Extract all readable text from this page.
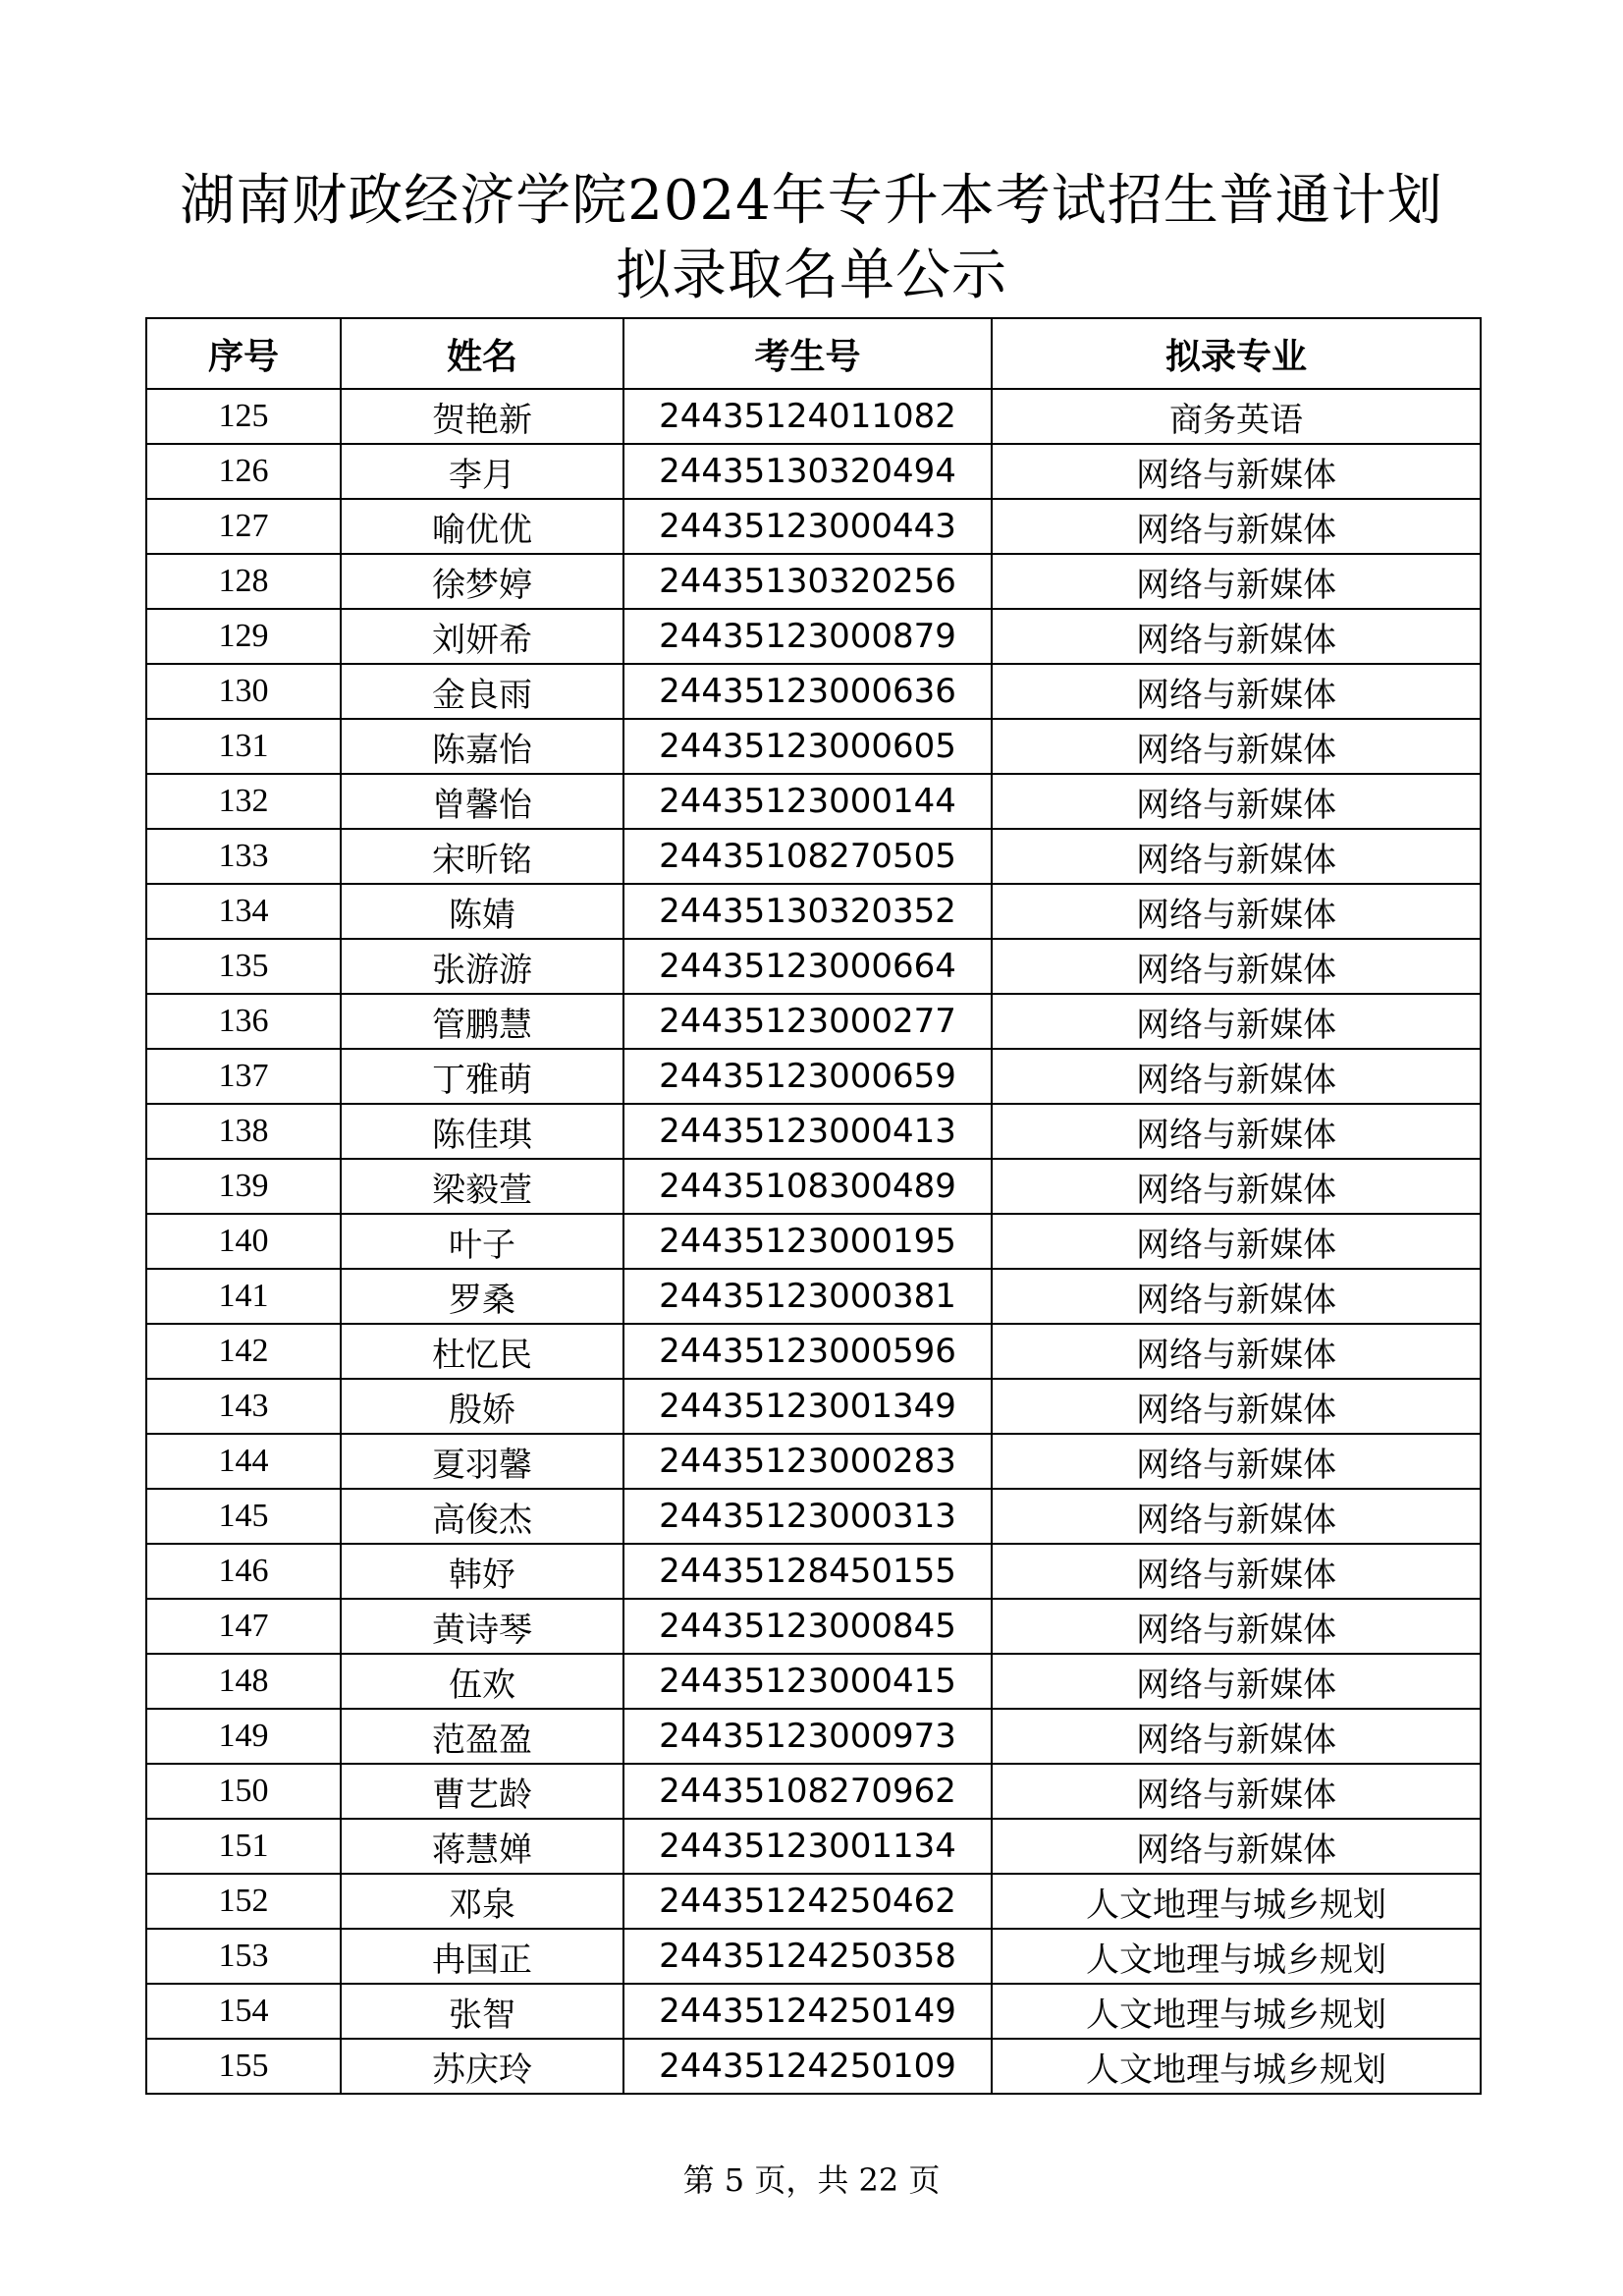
湖南财政经济学院2024年专升本考试招生普通计划
拟录取名单公示
序号	姓名	考生号	拟录专业
125	贺艳新	24435124011082	商务英语
126	李月	24435130320494	网络与新媒体
127	喻优优	24435123000443	网络与新媒体
128	徐梦婷	24435130320256	网络与新媒体
129	刘妍希	24435123000879	网络与新媒体
130	金良雨	24435123000636	网络与新媒体
131	陈嘉怡	24435123000605	网络与新媒体
132	曾馨怡	24435123000144	网络与新媒体
133	宋昕铭	24435108270505	网络与新媒体
134	陈婧	24435130320352	网络与新媒体
135	张游游	24435123000664	网络与新媒体
136	管鹏慧	24435123000277	网络与新媒体
137	丁雅萌	24435123000659	网络与新媒体
138	陈佳琪	24435123000413	网络与新媒体
139	梁毅萱	24435108300489	网络与新媒体
140	叶子	24435123000195	网络与新媒体
141	罗桑	24435123000381	网络与新媒体
142	杜忆民	24435123000596	网络与新媒体
143	殷娇	24435123001349	网络与新媒体
144	夏羽馨	24435123000283	网络与新媒体
145	高俊杰	24435123000313	网络与新媒体
146	韩妤	24435128450155	网络与新媒体
147	黄诗琴	24435123000845	网络与新媒体
148	伍欢	24435123000415	网络与新媒体
149	范盈盈	24435123000973	网络与新媒体
150	曹艺龄	24435108270962	网络与新媒体
151	蒋慧婵	24435123001134	网络与新媒体
152	邓泉	24435124250462	人文地理与城乡规划
153	冉国正	24435124250358	人文地理与城乡规划
154	张智	24435124250149	人文地理与城乡规划
155	苏庆玲	24435124250109	人文地理与城乡规划
第 5 页，共 22 页
